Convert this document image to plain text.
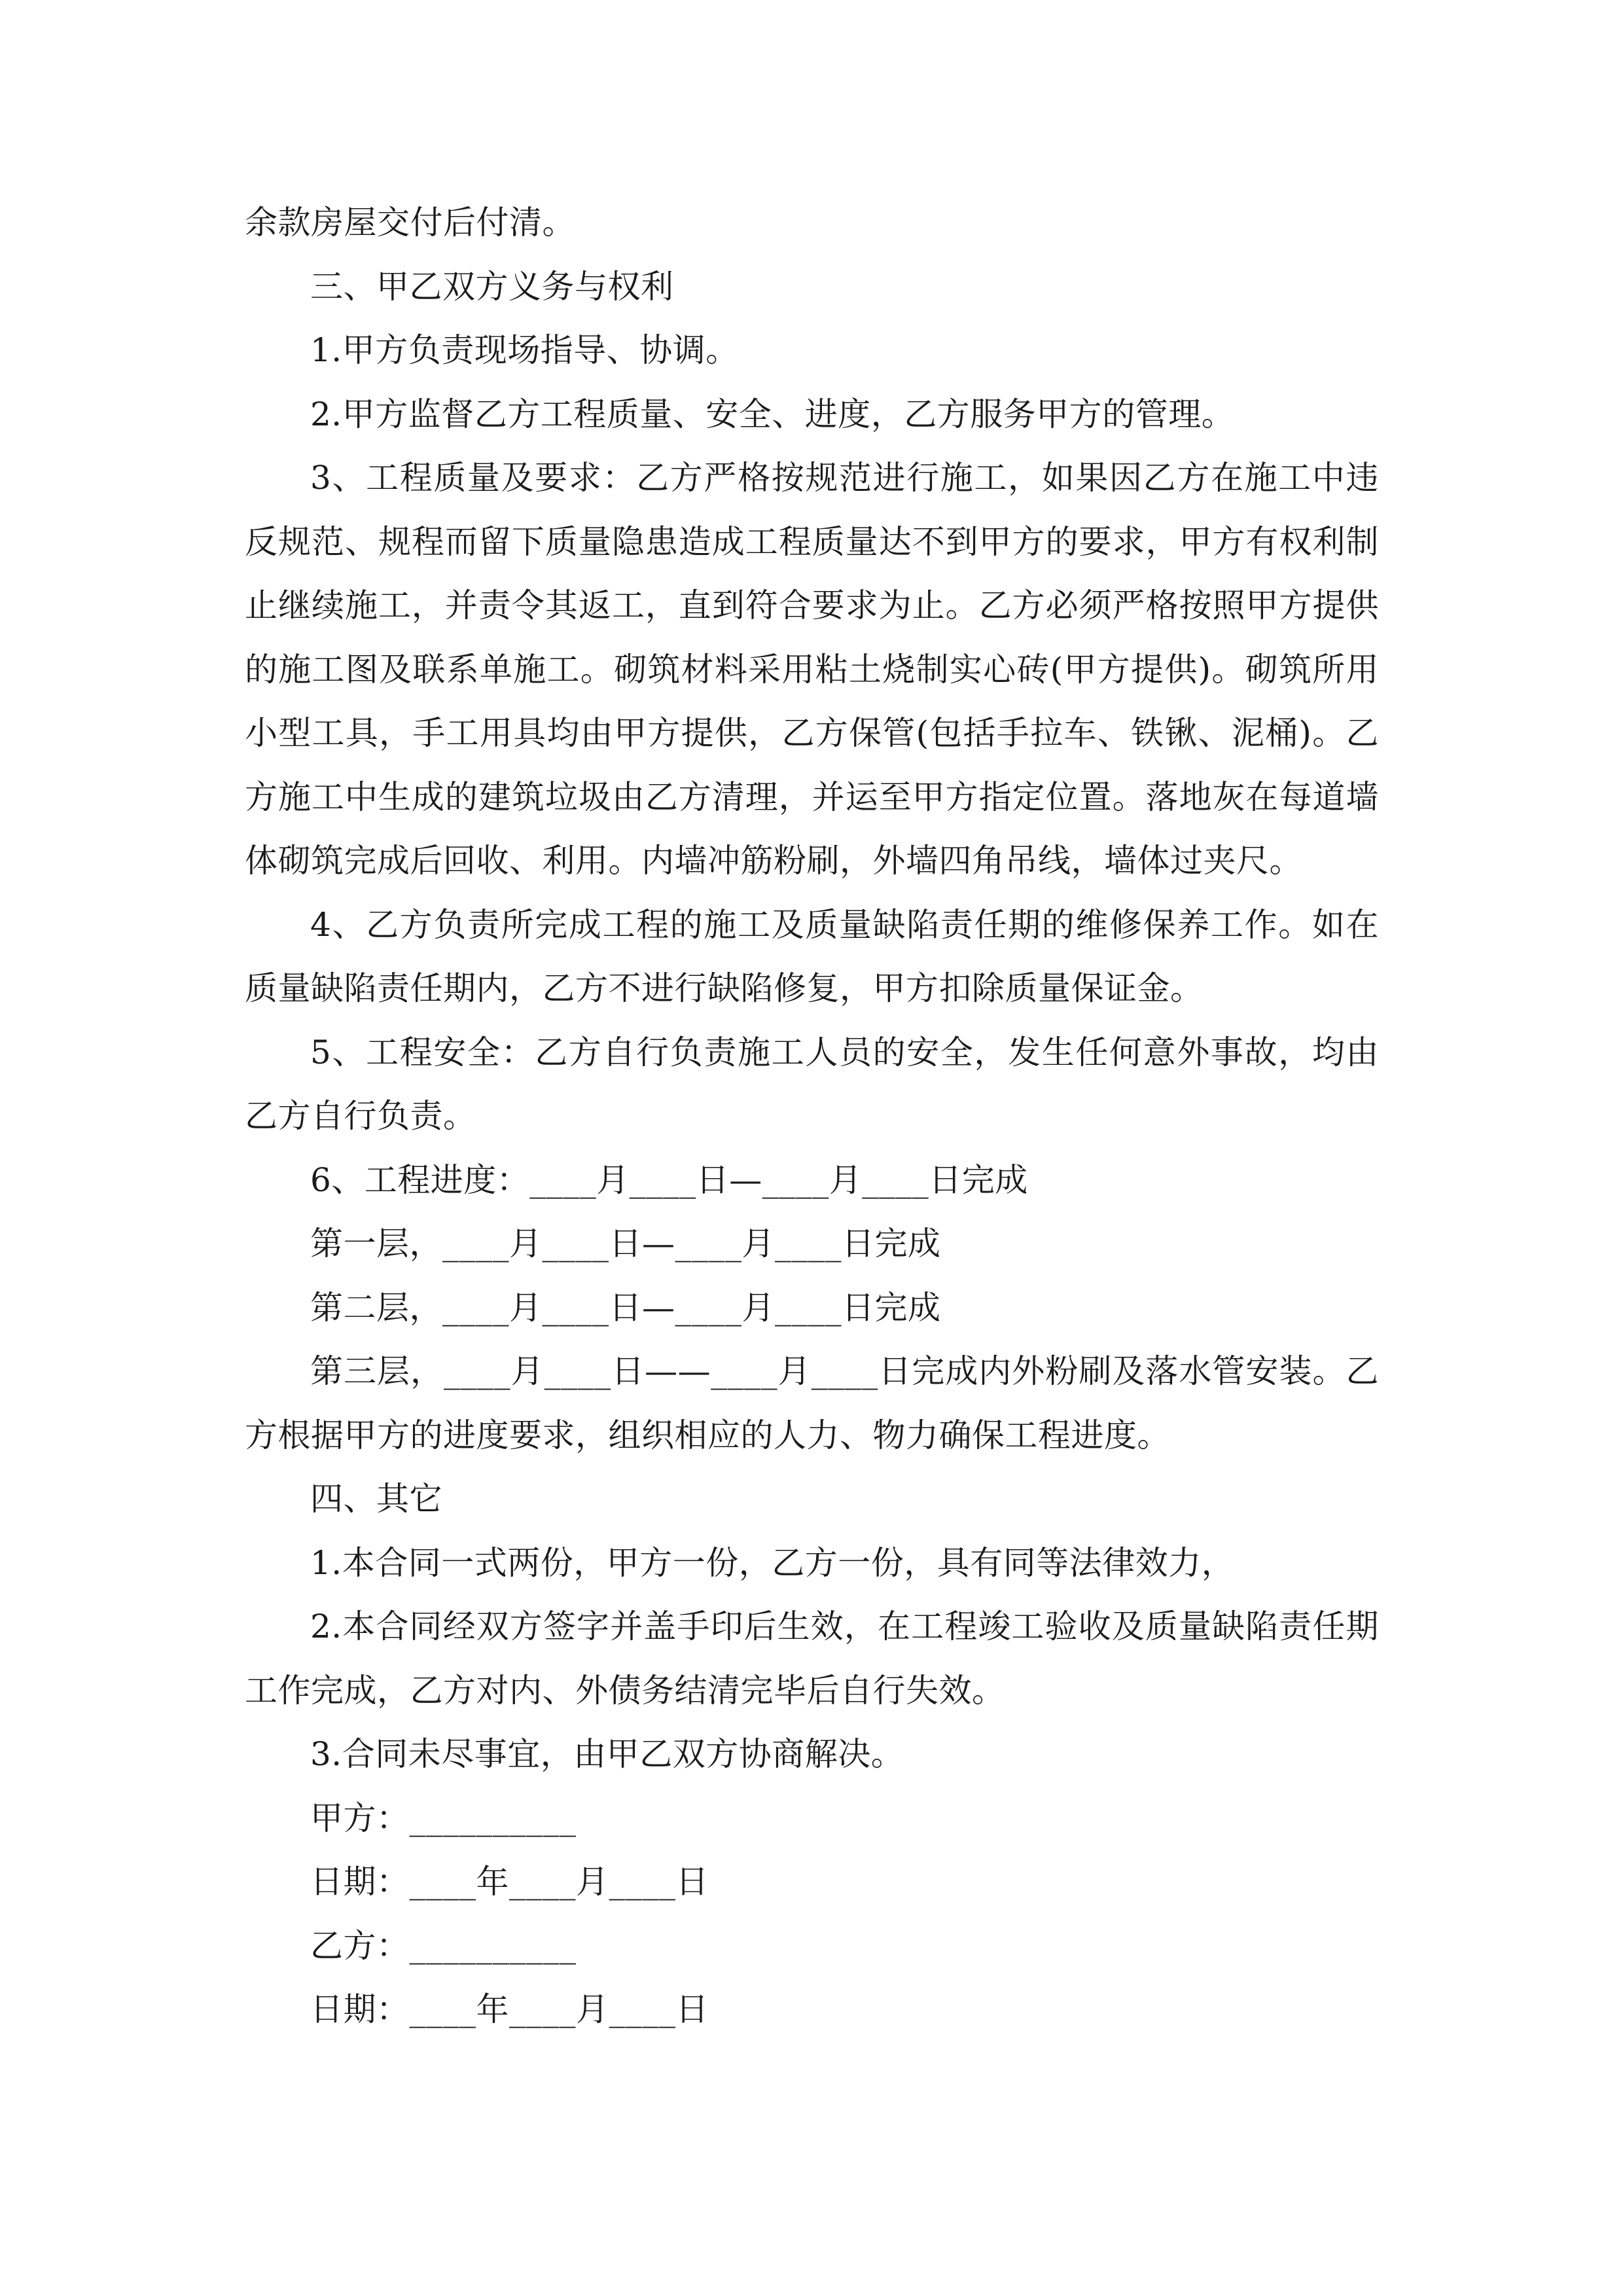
余款房屋交付后付清。

三、甲乙双方义务与权利

1.甲方负责现场指导、协调。

2.甲方监督乙方工程质量、安全、进度，乙方服务甲方的管理。

3、工程质量及要求：乙方严格按规范进行施工，如果因乙方在施工中违反规范、规程而留下质量隐患造成工程质量达不到甲方的要求，甲方有权利制止继续施工，并责令其返工，直到符合要求为止。乙方必须严格按照甲方提供的施工图及联系单施工。砌筑材料采用粘土烧制实心砖(甲方提供)。砌筑所用小型工具，手工用具均由甲方提供，乙方保管(包括手拉车、铁锹、泥桶)。乙方施工中生成的建筑垃圾由乙方清理，并运至甲方指定位置。落地灰在每道墙体砌筑完成后回收、利用。内墙冲筋粉刷，外墙四角吊线，墙体过夹尺。

4、乙方负责所完成工程的施工及质量缺陷责任期的维修保养工作。如在质量缺陷责任期内，乙方不进行缺陷修复，甲方扣除质量保证金。

5、工程安全：乙方自行负责施工人员的安全，发生任何意外事故，均由乙方自行负责。

6、工程进度：____月____日—____月____日完成

第一层，____月____日—____月____日完成

第二层，____月____日—____月____日完成

第三层，____月____日——____月____日完成内外粉刷及落水管安装。乙方根据甲方的进度要求，组织相应的人力、物力确保工程进度。

四、其它

1.本合同一式两份，甲方一份，乙方一份，具有同等法律效力，

2.本合同经双方签字并盖手印后生效，在工程竣工验收及质量缺陷责任期工作完成，乙方对内、外债务结清完毕后自行失效。

3.合同未尽事宜，由甲乙双方协商解决。

甲方：__________

日期：____年____月____日

乙方：__________

日期：____年____月____日
